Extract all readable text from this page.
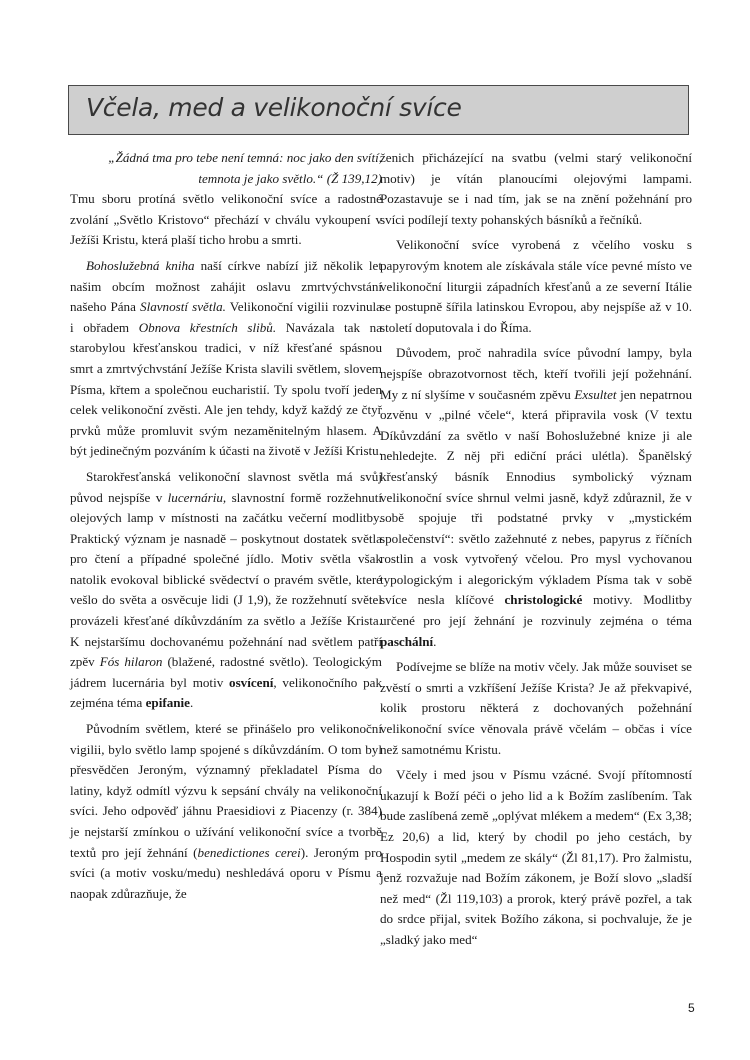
Včela, med a velikonoční svíce

„Žádná tma pro tebe není temná: noc jako den svítí,
temnota je jako světlo.“ (Ž 139,12)

Tmu sboru protíná světlo velikonoční svíce a radostné zvolání „Světlo Kristovo“ přechází v chválu vykoupení v Ježíši Kristu, která plaší ticho hrobu a smrti.

Bohoslužebná kniha naší církve nabízí již několik let našim obcím možnost zahájit oslavu zmrtvýchvstání našeho Pána Slavností světla. Velikonoční vigilii rozvinula i obřadem Obnova křestních slibů. Navázala tak na starobylou křesťanskou tradici, v níž křesťané spásnou smrt a zmrtvýchvstání Ježíše Krista slavili světlem, slovem Písma, křtem a společnou eucharistií. Ty spolu tvoří jeden celek velikonoční zvěsti. Ale jen tehdy, když každý ze čtyř prvků může promluvit svým nezaměnitelným hlasem. A být jedinečným pozváním k účasti na životě v Ježíši Kristu.

Starokřesťanská velikonoční slavnost světla má svůj původ nejspíše v lucernáriu, slavnostní formě rozžehnutí olejových lamp v místnosti na začátku večerní modlitby. Praktický význam je nasnadě – poskytnout dostatek světla pro čtení a případné společné jídlo. Motiv světla však natolik evokoval biblické svědectví o pravém světle, které vešlo do světa a osvěcuje lidi (J 1,9), že rozžehnutí světel provázeli křesťané díkůvzdáním za světlo a Ježíše Krista. K nejstaršímu dochovanému požehnání nad světlem patří zpěv Fós hilaron (blažené, radostné světlo). Teologickým jádrem lucernária byl motiv osvícení, velikonočního pak zejména téma epifanie.

Původním světlem, které se přinášelo pro velikonoční vigilii, bylo světlo lamp spojené s díkůvzdáním. O tom byl přesvědčen Jeroným, významný překladatel Písma do latiny, když odmítl výzvu k sepsání chvály na velikonoční svíci. Jeho odpověď jáhnu Praesidiovi z Piacenzy (r. 384) je nejstarší zmínkou o užívání velikonoční svíce a tvorbě textů pro její žehnání (benedictiones cerei). Jeroným pro svíci (a motiv vosku/medu) neshledává oporu v Písmu a naopak zdůrazňuje, že

ženich přicházející na svatbu (velmi starý velikonoční motiv) je vítán planoucími olejovými lampami. Pozastavuje se i nad tím, jak se na znění požehnání pro svíci podílejí texty pohanských básníků a řečníků.

Velikonoční svíce vyrobená z včelího vosku s papyrovým knotem ale získávala stále více pevné místo ve velikonoční liturgii západních křesťanů a ze severní Itálie se postupně šířila latinskou Evropou, aby nejspíše až v 10. století doputovala i do Říma.

Důvodem, proč nahradila svíce původní lampy, byla nejspíše obrazotvornost těch, kteří tvořili její požehnání. My z ní slyšíme v současném zpěvu Exsultet jen nepatrnou ozvěnu v „pilné včele“, která připravila vosk (V textu Díkůvzdání za světlo v naší Bohoslužebné knize ji ale nehledejte. Z něj při ediční práci ulétla). Španělský křesťanský básník Ennodius symbolický význam velikonoční svíce shrnul velmi jasně, když zdůraznil, že v sobě spojuje tři podstatné prvky v „mystickém společenství“: světlo zažehnuté z nebes, papyrus z říčních rostlin a vosk vytvořený včelou. Pro mysl vychovanou typologickým i alegorickým výkladem Písma tak v sobě svíce nesla klíčové christologické motivy. Modlitby určené pro její žehnání je rozvinuly zejména o téma paschální.

Podívejme se blíže na motiv včely. Jak může souviset se zvěstí o smrti a vzkříšení Ježíše Krista? Je až překvapivé, kolik prostoru některá z dochovaných požehnání velikonoční svíce věnovala právě včelám – občas i více než samotnému Kristu.

Včely i med jsou v Písmu vzácné. Svojí přítomností ukazují k Boží péči o jeho lid a k Božím zaslíbením. Tak bude zaslíbená země „oplývat mlékem a medem“ (Ex 3,38; Ez 20,6) a lid, který by chodil po jeho cestách, by Hospodin sytil „medem ze skály“ (Žl 81,17). Pro žalmistu, jenž rozvažuje nad Božím zákonem, je Boží slovo „sladší než med“ (Žl 119,103) a prorok, který právě pozřel, a tak do srdce přijal, svitek Božího zákona, si pochvaluje, že je „sladký jako med“

5
